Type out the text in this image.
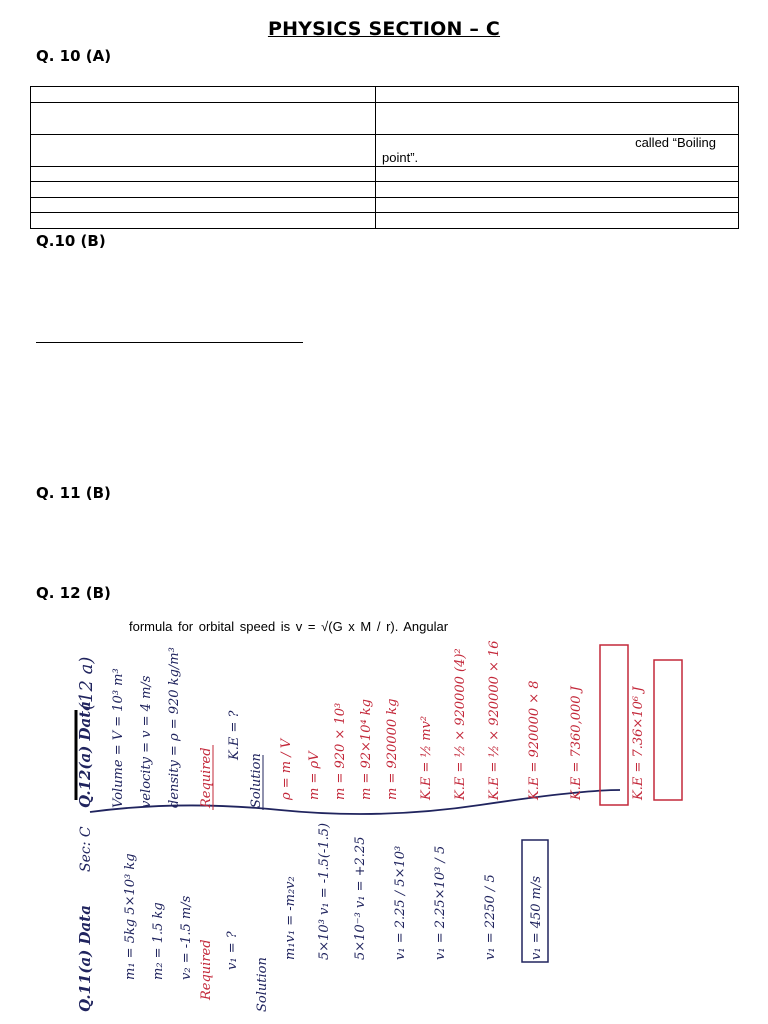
PHYSICS SECTION – C
Q. 10 (A)

	called “Boiling
point”.

Q.10 (B)
Q. 11 (B)
Q. 12 (B)
formula for orbital speed is v = √(G x M / r). Angular
Q.12(a) Data
(12 a) Volume = V = 10³ m³ velocity = v = 4 m/s density = ρ = 920 kg/m³ Required
K.E = ?
Solution ρ = m / V m = ρV m = 920 × 10³ m = 92×10⁴ kg m = 920000 kg K.E = ½ mv² K.E = ½ × 920000 (4)² K.E = ½ × 920000 × 16 K.E = 920000 × 8 K.E = 7360,000 J	K.E = 7.36×10⁶ J
Sec: C
Q.11(a) Data m₁ = 5kg 5×10³ kg m₂ = 1.5 kg v₂ = -1.5 m/s Required v₁ = ?
Solution
m₁v₁ = -m₂v₂ 5×10³ v₁ = -1.5(-1.5) 5×10⁻³ v₁ = +2.25 v₁ = 2.25 / 5×10³ v₁ = 2.25×10³ / 5	v₁ = 2250 / 5 v₁ = 450 m/s
